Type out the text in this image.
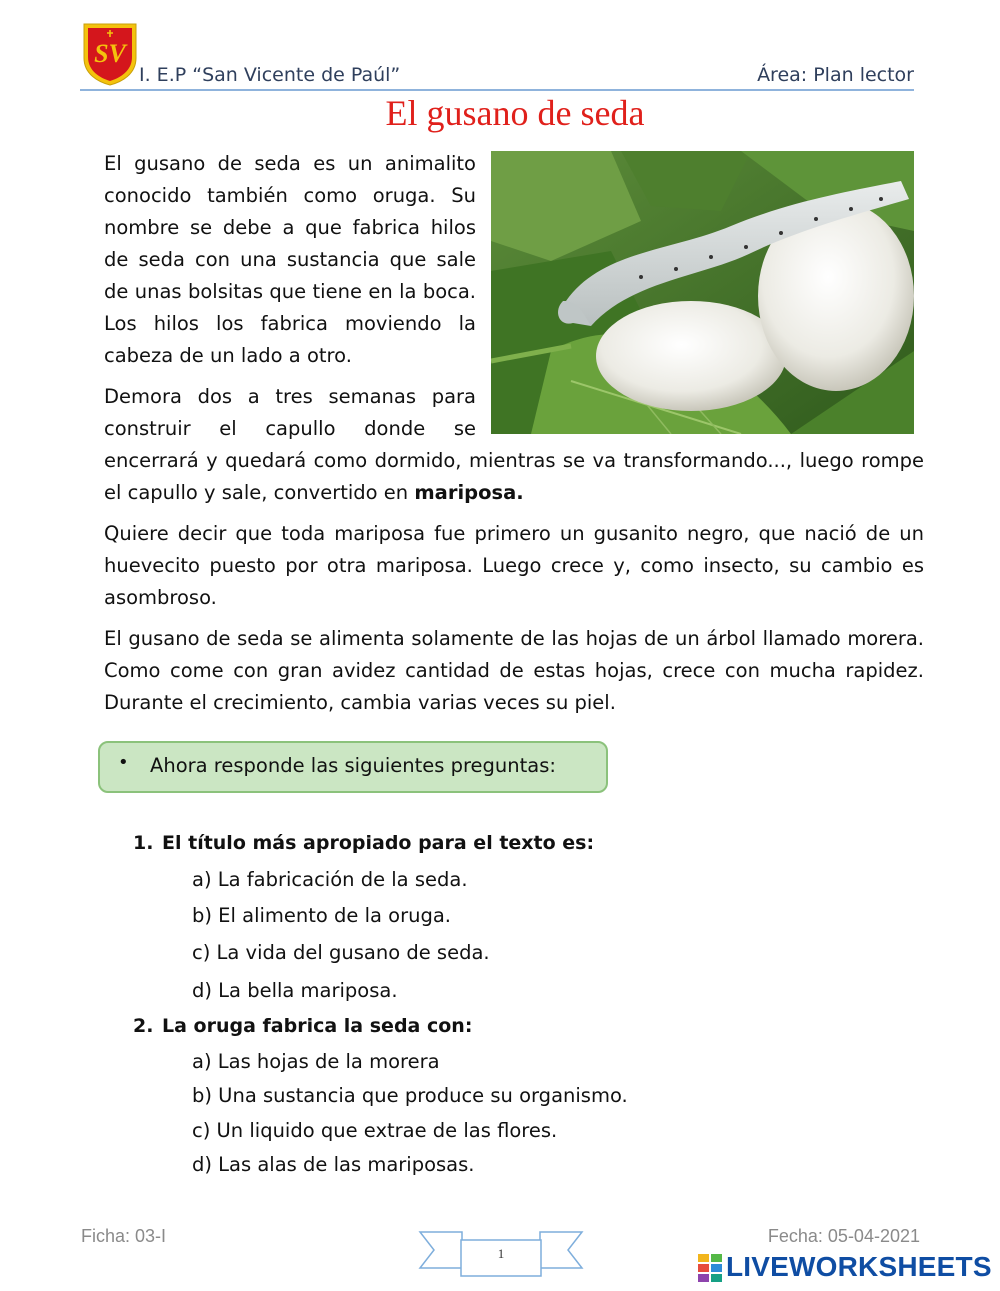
SV
I. E.P “San Vicente de Paúl”	Área: Plan lector
El gusano de seda
El gusano de seda es un animalito conocido también como oruga. Su nombre se debe a que fabrica hilos de seda con una sustancia que sale de unas bolsitas que tiene en la boca. Los hilos los fabrica moviendo la cabeza de un lado a otro.
Demora dos a tres semanas para
construir el capullo donde se
encerrará y quedará como dormido, mientras se va transformando..., luego rompe el capullo y sale, convertido en mariposa.
Quiere decir que toda mariposa fue primero un gusanito negro, que nació de un huevecito puesto por otra mariposa. Luego crece y, como insecto, su cambio es asombroso.
El gusano de seda se alimenta solamente de las hojas de un árbol llamado morera. Como come con gran avidez cantidad de estas hojas, crece con mucha rapidez. Durante el crecimiento, cambia varias veces su piel.
• Ahora responde las siguientes preguntas:
1. El título más apropiado para el texto es:
a) La fabricación de la seda.
b) El alimento de la oruga.
c) La vida del gusano de seda.
d) La bella mariposa.
2. La oruga fabrica la seda con:
a) Las hojas de la morera
b) Una sustancia que produce su organismo.
c) Un liquido que extrae de las flores.
d) Las alas de las mariposas.
Ficha: 03-I	Fecha: 05-04-2021
1	LIVEWORKSHEETS
